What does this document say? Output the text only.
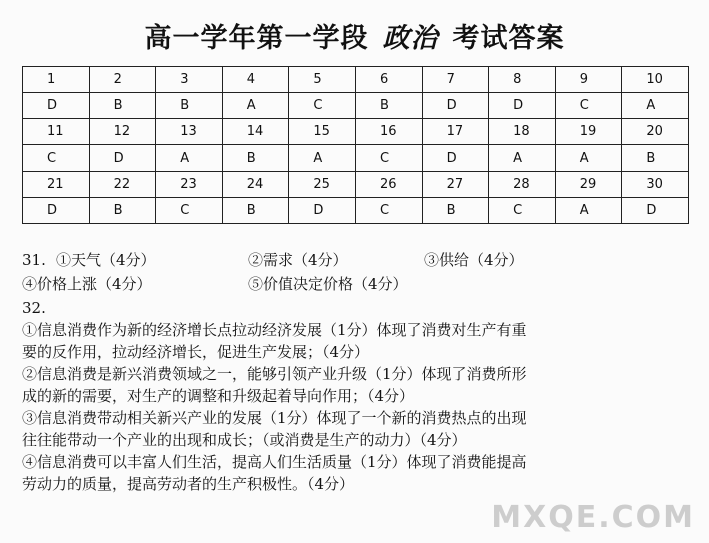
高一学年第一学段 政治 考试答案
1	2	3	4	5	6	7	8	9	10
D	B	B	A	C	B	D	D	C	A
11	12	13	14	15	16	17	18	19	20
C	D	A	B	A	C	D	A	A	B
21	22	23	24	25	26	27	28	29	30
D	B	C	B	D	C	B	C	A	D
31. ①天气（4分）	②需求（4分）	③供给（4分）
④价格上涨（4分）	⑤价值决定价格（4分）

32.

①信息消费作为新的经济增长点拉动经济发展（1分）体现了消费对生产有重

要的反作用，拉动经济增长，促进生产发展；（4分）

②信息消费是新兴消费领域之一，能够引领产业升级（1分）体现了消费所形

成的新的需要，对生产的调整和升级起着导向作用；（4分）

③信息消费带动相关新兴产业的发展（1分）体现了一个新的消费热点的出现

往往能带动一个产业的出现和成长；（或消费是生产的动力）（4分）

④信息消费可以丰富人们生活，提高人们生活质量（1分）体现了消费能提高

劳动力的质量，提高劳动者的生产积极性。（4分）

MXQE.COM
